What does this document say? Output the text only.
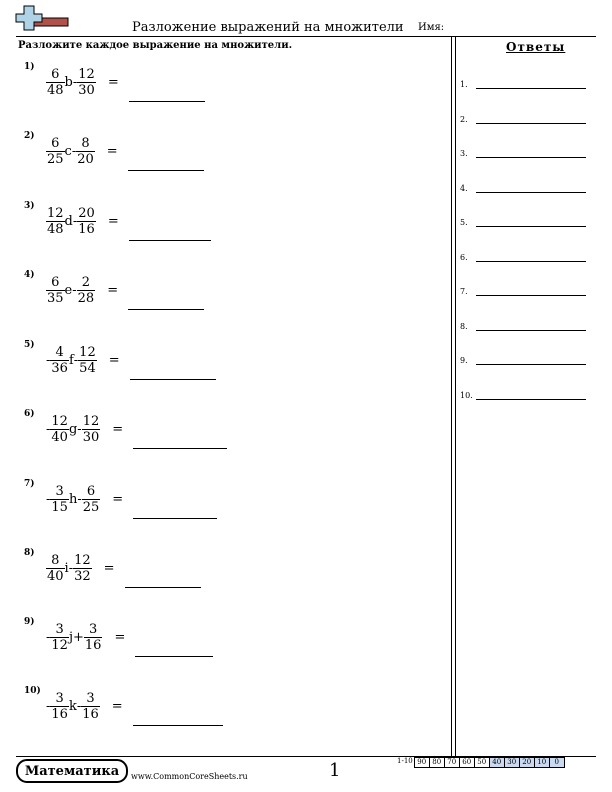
Разложение выражений на множители Имя:
Разложите каждое выражение на множители.
$1) \frac{6}{48}$ b - $\frac{12}{30}$ =
$2) \frac{6}{25}$ c - $\frac{8}{20}$ =
$3) \frac{12}{48}$ d - $\frac{20}{16}$ =
$4) \frac{6}{35}$ e - $\frac{2}{28}$ =
5)
- $\frac{4}{36}$ f - $\frac{12}{54}$ =
6)
- $\frac{12}{40}$ g - $\frac{12}{30}$ =
7)
- $\frac{3}{15}$ h - $\frac{6}{25}$ =
$8) \frac{8}{40}$ i - $\frac{12}{32}$ =
9)
- $\frac{3}{12}$ $j + \frac{3}{16}$ =
10)
- $\frac{3}{16}$ k - $\frac{3}{16}$ =
Ответы
1.
2.
3.
4.
5.
6.
7.
8.
9.
10.
Математика	www.CommonCoreSheets.ru	1	1-10 90 80 70 60 50 40 30 20 10	0
